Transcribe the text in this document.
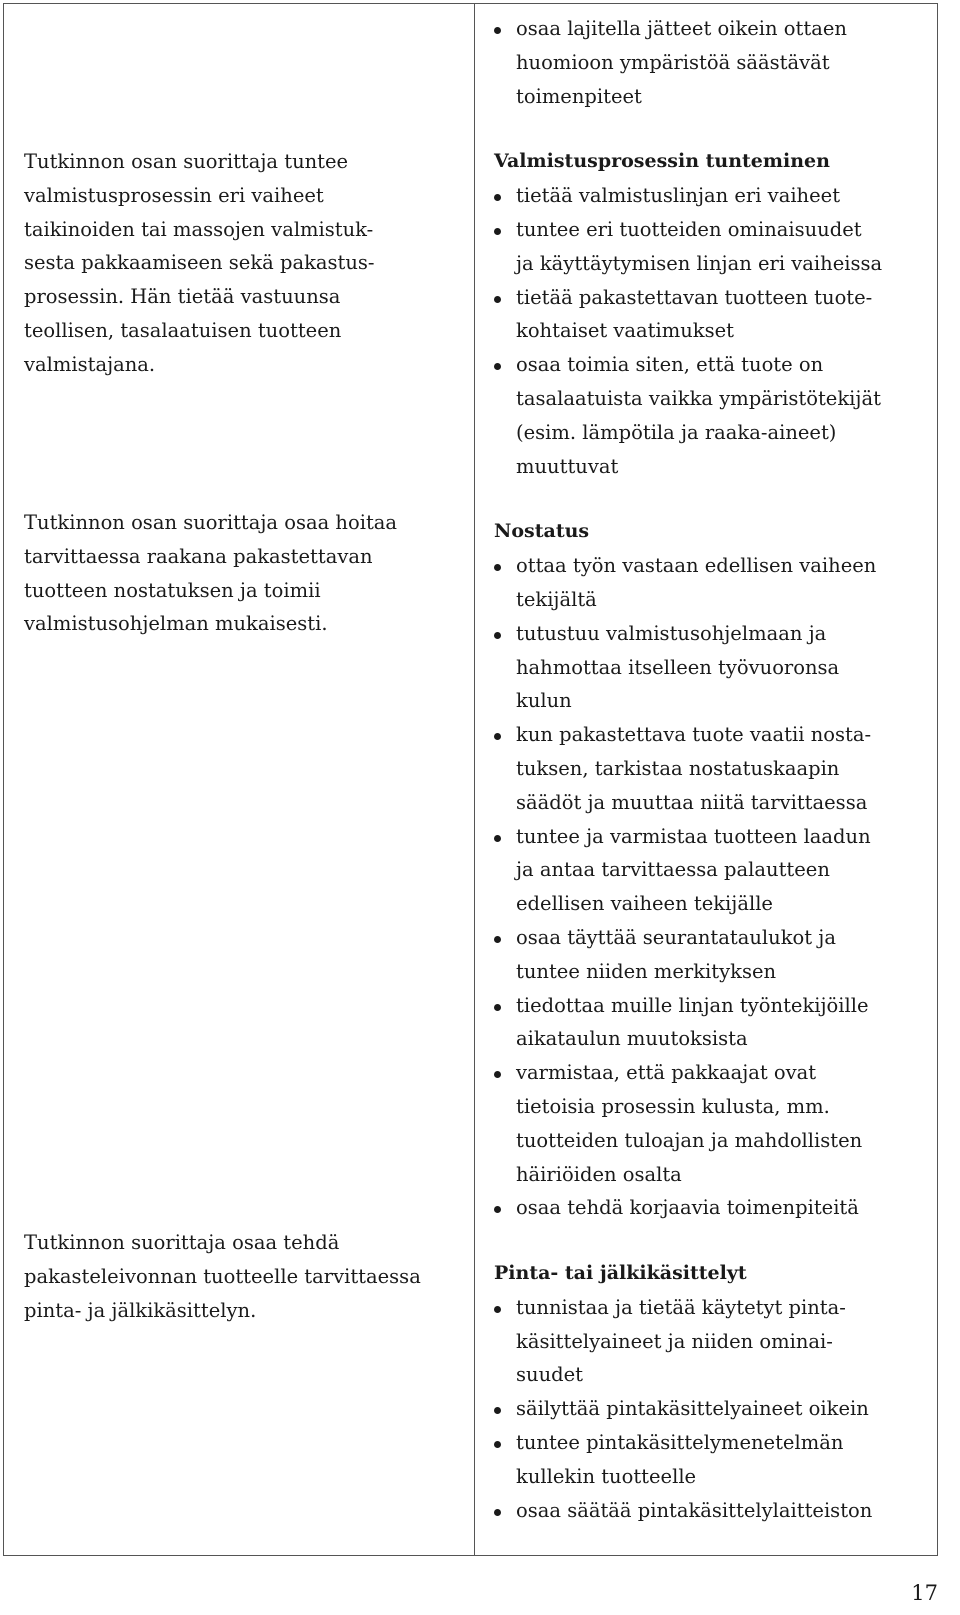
Tutkinnon osan suorittaja tuntee
valmistusprosessin eri vaiheet
taikinoiden tai massojen valmistuk-
sesta pakkaamiseen sekä pakastus-
prosessin. Hän tietää vastuunsa
teollisen, tasalaatuisen tuotteen
valmistajana.

Tutkinnon osan suorittaja osaa hoitaa
tarvittaessa raakana pakastettavan
tuotteen nostatuksen ja toimii
valmistusohjelman mukaisesti.

Tutkinnon suorittaja osaa tehdä
pakasteleivonnan tuotteelle tarvittaessa
pinta- ja jälkikäsittelyn.

osaa lajitella jätteet oikein ottaen
huomioon ympäristöä säästävät
toimenpiteet

Valmistusprosessin tunteminen

tietää valmistuslinjan eri vaiheet
tuntee eri tuotteiden ominaisuudet
ja käyttäytymisen linjan eri vaiheissa
tietää pakastettavan tuotteen tuote-
kohtaiset vaatimukset
osaa toimia siten, että tuote on
tasalaatuista vaikka ympäristötekijät
(esim. lämpötila ja raaka-aineet)
muuttuvat

Nostatus

ottaa työn vastaan edellisen vaiheen
tekijältä
tutustuu valmistusohjelmaan ja
hahmottaa itselleen työvuoronsa
kulun
kun pakastettava tuote vaatii nosta-
tuksen, tarkistaa nostatuskaapin
säädöt ja muuttaa niitä tarvittaessa
tuntee ja varmistaa tuotteen laadun
ja antaa tarvittaessa palautteen
edellisen vaiheen tekijälle
osaa täyttää seurantataulukot ja
tuntee niiden merkityksen
tiedottaa muille linjan työntekijöille
aikataulun muutoksista
varmistaa, että pakkaajat ovat
tietoisia prosessin kulusta, mm.
tuotteiden tuloajan ja mahdollisten
häiriöiden osalta
osaa tehdä korjaavia toimenpiteitä

Pinta- tai jälkikäsittelyt

tunnistaa ja tietää käytetyt pinta-
käsittelyaineet ja niiden ominai-
suudet
säilyttää pintakäsittelyaineet oikein
tuntee pintakäsittelymenetelmän
kullekin tuotteelle
osaa säätää pintakäsittelylaitteiston
17
